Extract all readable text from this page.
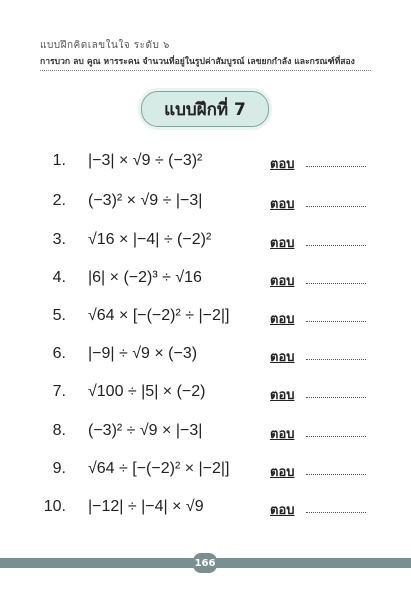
แบบฝึกคิดเลขในใจ ระดับ ๖
การบวก ลบ คูณ หารระคน จำนวนที่อยู่ในรูปค่าสัมบูรณ์ เลขยกกำลัง และกรณฑ์ที่สอง
แบบฝึกที่ 7
1. |−3| × √9 ÷ (−3)²	ตอบ
2. (−3)² × √9 ÷ |−3|	ตอบ
3. √16 × |−4| ÷ (−2)²	ตอบ
4. |6| × (−2)³ ÷ √16	ตอบ
5. √64 × [−(−2)² ÷ |−2|]	ตอบ
6. |−9| ÷ √9 × (−3)	ตอบ
7. √100 ÷ |5| × (−2)	ตอบ
8. (−3)² ÷ √9 × |−3|	ตอบ
9. √64 ÷ [−(−2)² × |−2|]	ตอบ
10. |−12| ÷ |−4| × √9	ตอบ
166
